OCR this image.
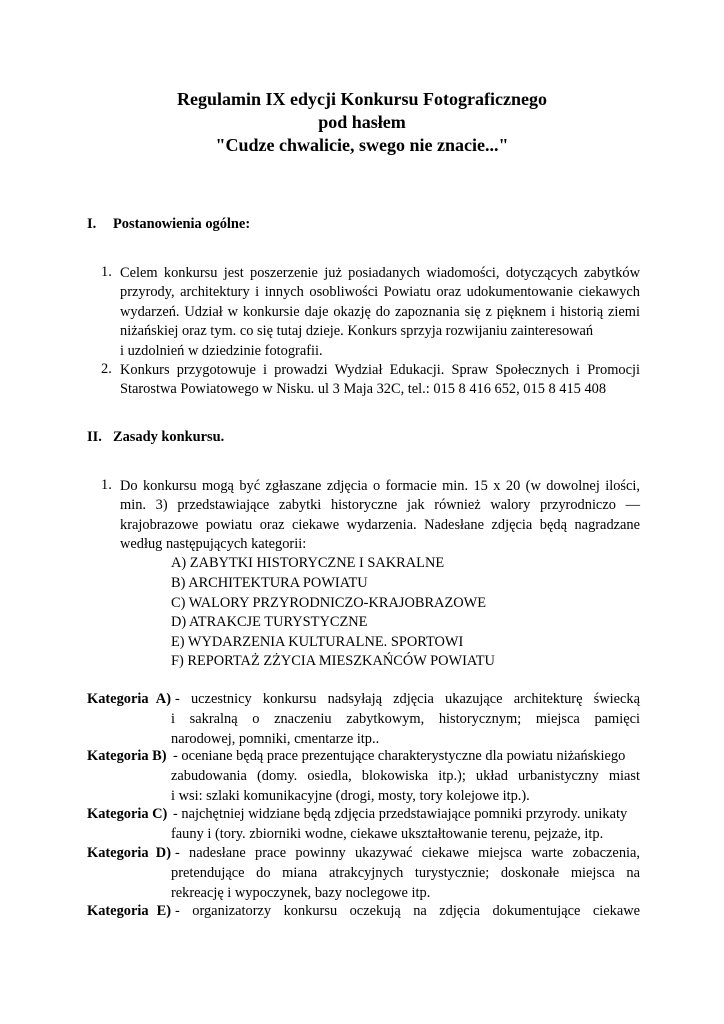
Regulamin IX edycji Konkursu Fotograficznego
pod hasłem
"Cudze chwalicie, swego nie znacie..."
I. Postanowienia ogólne:
1. Celem konkursu jest poszerzenie już posiadanych wiadomości, dotyczących zabytków
przyrody, architektury i innych osobliwości Powiatu oraz udokumentowanie ciekawych
wydarzeń. Udział w konkursie daje okazję do zapoznania się z pięknem i historią ziemi
niżańskiej oraz tym. co się tutaj dzieje. Konkurs sprzyja rozwijaniu zainteresowań
i uzdolnień w dziedzinie fotografii.
2. Konkurs przygotowuje i prowadzi Wydział Edukacji. Spraw Społecznych i Promocji
Starostwa Powiatowego w Nisku. ul 3 Maja 32C, tel.: 015 8 416 652, 015 8 415 408
II. Zasady konkursu.
1. Do konkursu mogą być zgłaszane zdjęcia o formacie min. 15 x 20 (w dowolnej ilości,
min. 3) przedstawiające zabytki historyczne jak również walory przyrodniczo —
krajobrazowe powiatu oraz ciekawe wydarzenia. Nadesłane zdjęcia będą nagradzane
według następujących kategorii:
A) ZABYTKI HISTORYCZNE I SAKRALNE
B) ARCHITEKTURA POWIATU
C) WALORY PRZYRODNICZO-KRAJOBRAZOWE
D) ATRAKCJE TURYSTYCZNE
E) WYDARZENIA KULTURALNE. SPORTOWI
F) REPORTAŻ ZŻYCIA MIESZKAŃCÓW POWIATU
Kategoria A) - uczestnicy konkursu nadsyłają zdjęcia ukazujące architekturę świecką
i sakralną o znaczeniu zabytkowym, historycznym; miejsca pamięci
narodowej, pomniki, cmentarze itp..
Kategoria B) - oceniane będą prace prezentujące charakterystyczne dla powiatu niżańskiego
zabudowania (domy. osiedla, blokowiska itp.); układ urbanistyczny miast
i wsi: szlaki komunikacyjne (drogi, mosty, tory kolejowe itp.).
Kategoria C) - najchętniej widziane będą zdjęcia przedstawiające pomniki przyrody. unikaty
fauny i (tory. zbiorniki wodne, ciekawe ukształtowanie terenu, pejzaże, itp.
Kategoria D) - nadesłane prace powinny ukazywać ciekawe miejsca warte zobaczenia,
pretendujące do miana atrakcyjnych turystycznie; doskonałe miejsca na
rekreację i wypoczynek, bazy noclegowe itp.
Kategoria E) - organizatorzy konkursu oczekują na zdjęcia dokumentujące ciekawe
